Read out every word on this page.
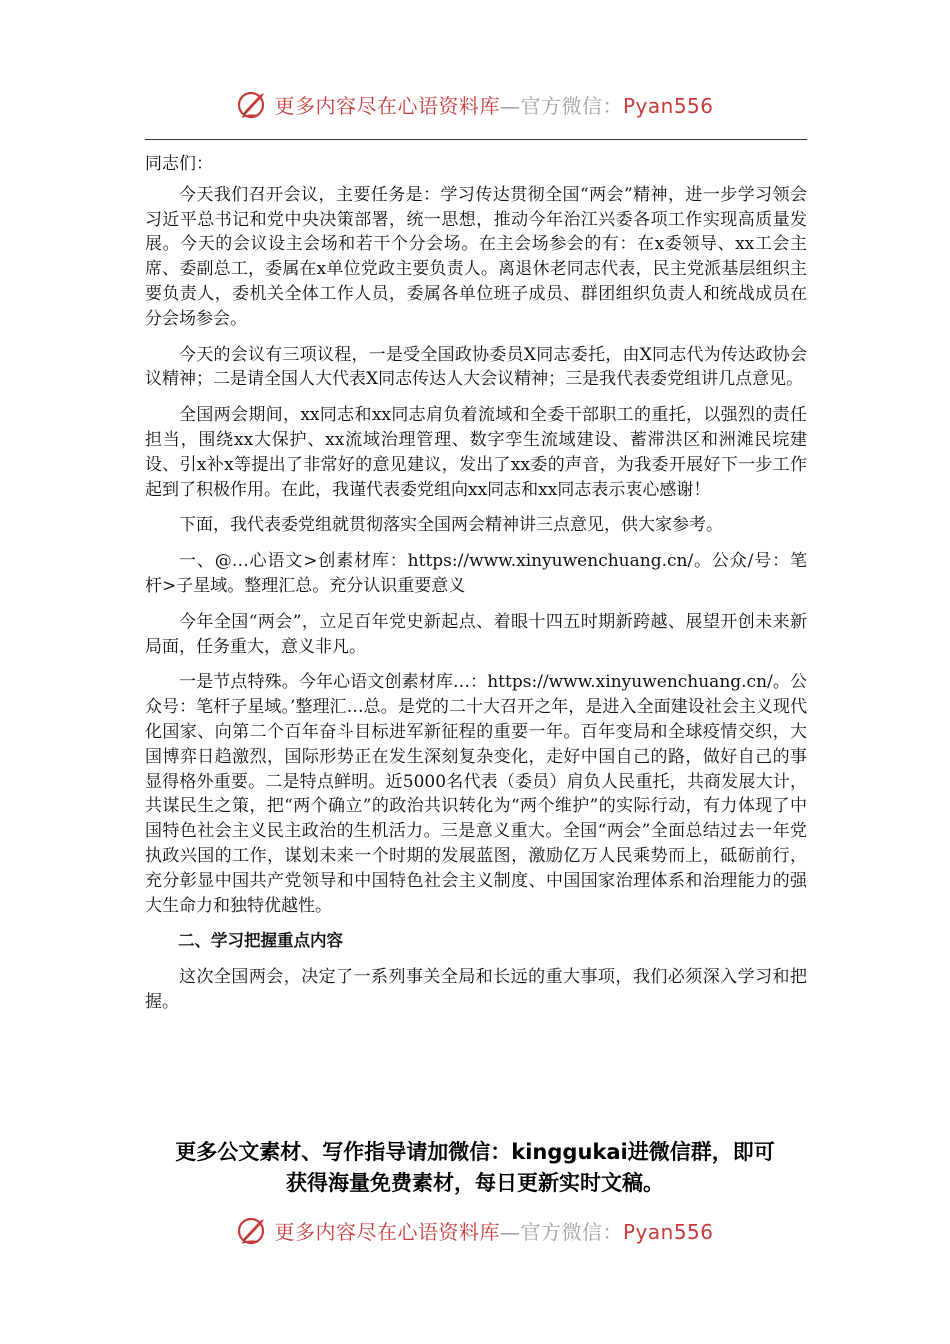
更多内容尽在心语资料库—官方微信：Pyan556

同志们：

今天我们召开会议，主要任务是：学习传达贯彻全国“两会”精神，进一步学习领会习近平总书记和党中央决策部署，统一思想，推动今年治江兴委各项工作实现高质量发展。今天的会议设主会场和若干个分会场。在主会场参会的有：在x委领导、xx工会主席、委副总工，委属在x单位党政主要负责人。离退休老同志代表，民主党派基层组织主要负责人，委机关全体工作人员，委属各单位班子成员、群团组织负责人和统战成员在分会场参会。

今天的会议有三项议程，一是受全国政协委员X同志委托，由X同志代为传达政协会议精神；二是请全国人大代表X同志传达人大会议精神；三是我代表委党组讲几点意见。

全国两会期间，xx同志和xx同志肩负着流域和全委干部职工的重托，以强烈的责任担当，围绕xx大保护、xx流域治理管理、数字孪生流域建设、蓄滞洪区和洲滩民垸建设、引x补x等提出了非常好的意见建议，发出了xx委的声音，为我委开展好下一步工作起到了积极作用。在此，我谨代表委党组向xx同志和xx同志表示衷心感谢！

下面，我代表委党组就贯彻落实全国两会精神讲三点意见，供大家参考。

一、@…心语文>创素材库：https://www.xinyuwenchuang.cn/。公众/号：笔杆>子星域。整理汇总。充分认识重要意义

今年全国“两会”，立足百年党史新起点、着眼十四五时期新跨越、展望开创未来新局面，任务重大，意义非凡。

一是节点特殊。今年心语文创素材库…：https://www.xinyuwenchuang.cn/。公众号：笔杆子星域。’整理汇…总。是党的二十大召开之年，是进入全面建设社会主义现代化国家、向第二个百年奋斗目标进军新征程的重要一年。百年变局和全球疫情交织，大国博弈日趋激烈，国际形势正在发生深刻复杂变化，走好中国自己的路，做好自己的事显得格外重要。二是特点鲜明。近5000名代表（委员）肩负人民重托，共商发展大计，共谋民生之策，把“两个确立”的政治共识转化为“两个维护”的实际行动，有力体现了中国特色社会主义民主政治的生机活力。三是意义重大。全国“两会”全面总结过去一年党执政兴国的工作，谋划未来一个时期的发展蓝图，激励亿万人民乘势而上，砥砺前行，充分彰显中国共产党领导和中国特色社会主义制度、中国国家治理体系和治理能力的强大生命力和独特优越性。

二、学习把握重点内容

这次全国两会，决定了一系列事关全局和长远的重大事项，我们必须深入学习和把握。

更多公文素材、写作指导请加微信：kinggukai进微信群，即可
获得海量免费素材，每日更新实时文稿。
更多内容尽在心语资料库—官方微信：Pyan556
